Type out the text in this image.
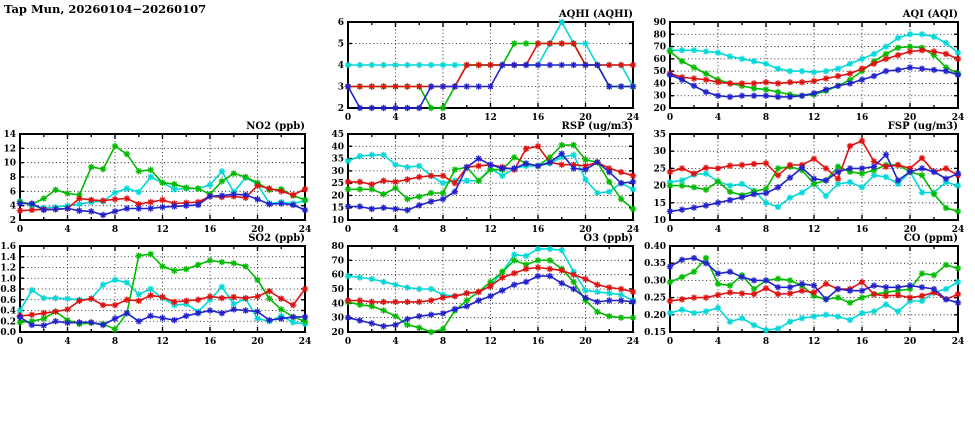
Tap Mun, 20260104−20260107
2
3
4
5
6
0	4	8	12	16	20	24
20
30
40
50
60
70
80
90
0	4	8	12	16	20	24
2
4
6
8
10
12
14
0	4	8	12	16	20	24
10
15
20
25
30
35
40
45
0	4	8	12	16	20	24
10
15
20
25
30
35
0	4	8	12	16	20	24
0.0
0.2
0.4
0.6
0.8
1.0
1.2
1.4
1.6
0	4	8	12	16	20	24
20
30
40
50
60
70
80
0	4	8	12	16	20	24
0.15
0.20
0.25
0.30
0.35
0.40
0	4	8	12	16	20	24
AQHI (AQHI)	AQI (AQI)
NO2 (ppb)	RSP (ug/m3)	FSP (ug/m3)
SO2 (ppb)	O3 (ppb)	CO (ppm)
